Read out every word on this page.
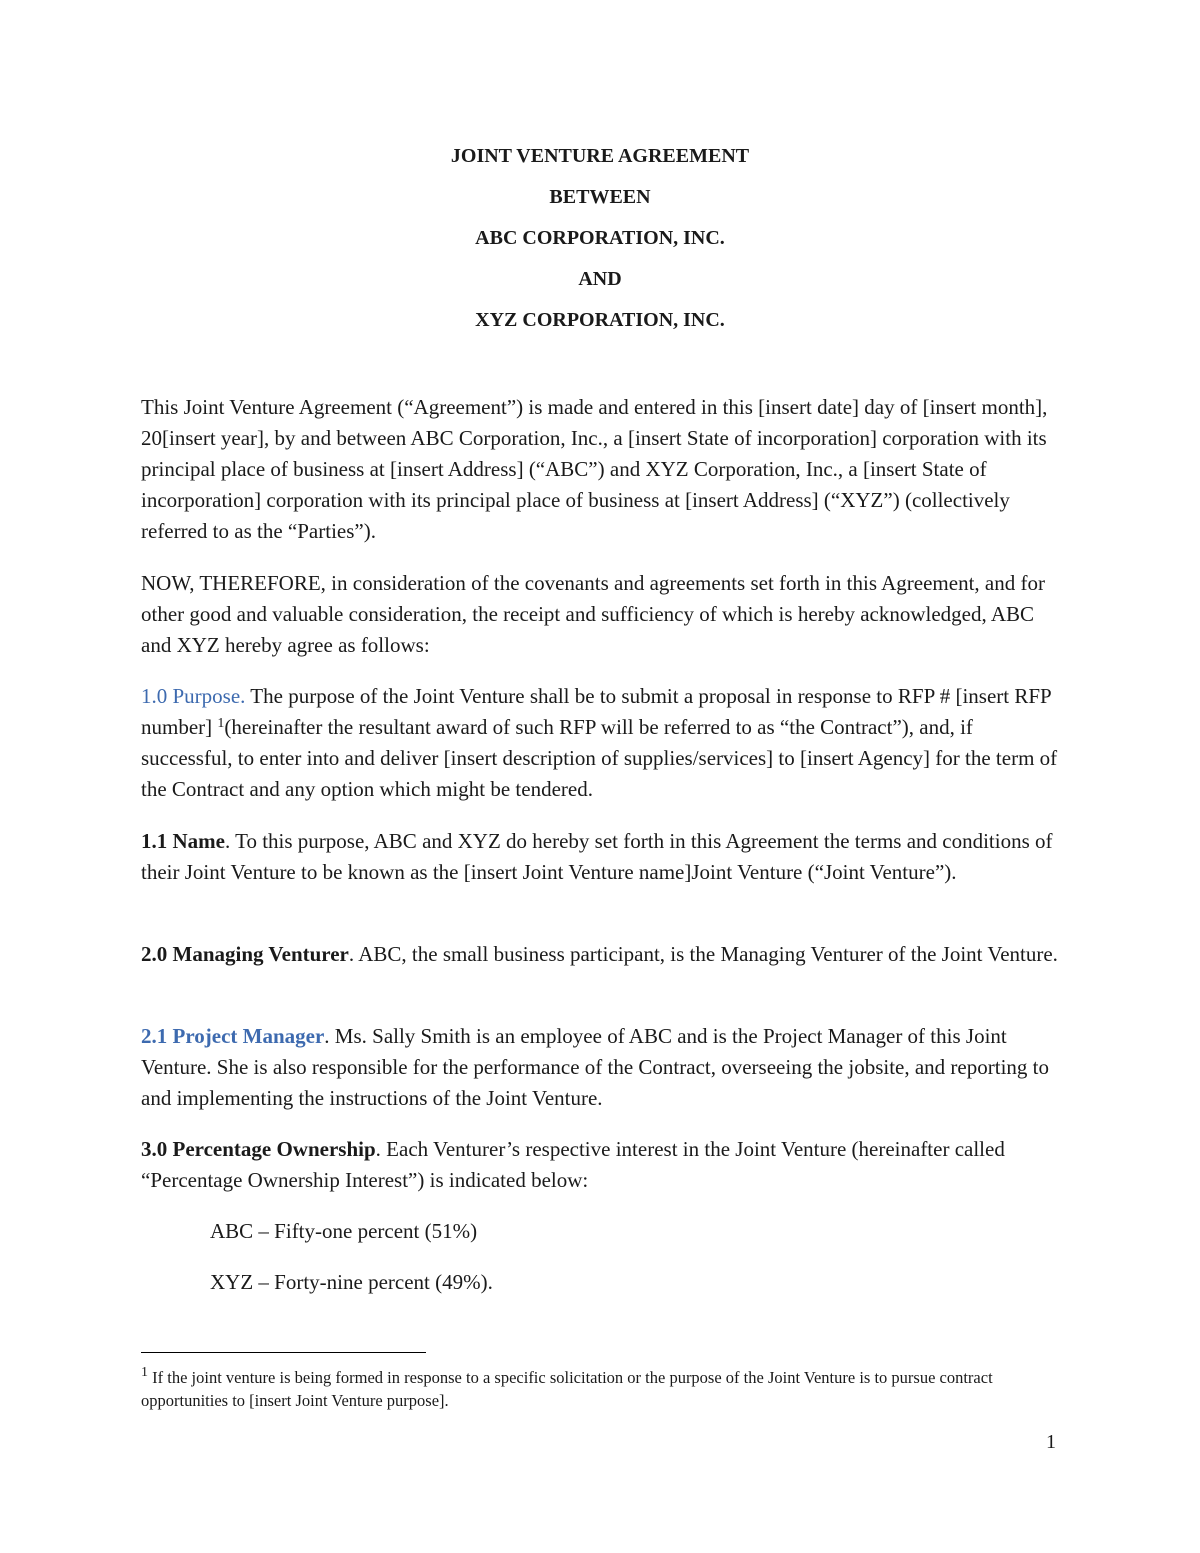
JOINT VENTURE AGREEMENT
BETWEEN
ABC CORPORATION, INC.
AND
XYZ CORPORATION, INC.

This Joint Venture Agreement (“Agreement”) is made and entered in this [insert date] day of [insert month], 20[insert year], by and between ABC Corporation, Inc., a [insert State of incorporation] corporation with its principal place of business at [insert Address] (“ABC”) and XYZ Corporation, Inc., a [insert State of incorporation] corporation with its principal place of business at [insert Address] (“XYZ”) (collectively referred to as the “Parties”).

NOW, THEREFORE, in consideration of the covenants and agreements set forth in this Agreement, and for other good and valuable consideration, the receipt and sufficiency of which is hereby acknowledged, ABC and XYZ hereby agree as follows:

1.0 Purpose. The purpose of the Joint Venture shall be to submit a proposal in response to RFP # [insert RFP number] $^1$(hereinafter the resultant award of such RFP will be referred to as “the Contract”), and, if successful, to enter into and deliver [insert description of supplies/services] to [insert Agency] for the term of the Contract and any option which might be tendered.

1.1 Name. To this purpose, ABC and XYZ do hereby set forth in this Agreement the terms and conditions of their Joint Venture to be known as the [insert Joint Venture name]Joint Venture (“Joint Venture”).

2.0 Managing Venturer. ABC, the small business participant, is the Managing Venturer of the Joint Venture.

2.1 Project Manager. Ms. Sally Smith is an employee of ABC and is the Project Manager of this Joint Venture. She is also responsible for the performance of the Contract, overseeing the jobsite, and reporting to and implementing the instructions of the Joint Venture.

3.0 Percentage Ownership. Each Venturer’s respective interest in the Joint Venture (hereinafter called “Percentage Ownership Interest”) is indicated below:

ABC – Fifty-one percent (51%)
XYZ – Forty-nine percent (49%).
$^1$ If the joint venture is being formed in response to a specific solicitation or the purpose of the Joint Venture is to pursue contract opportunities to [insert Joint Venture purpose].
1
